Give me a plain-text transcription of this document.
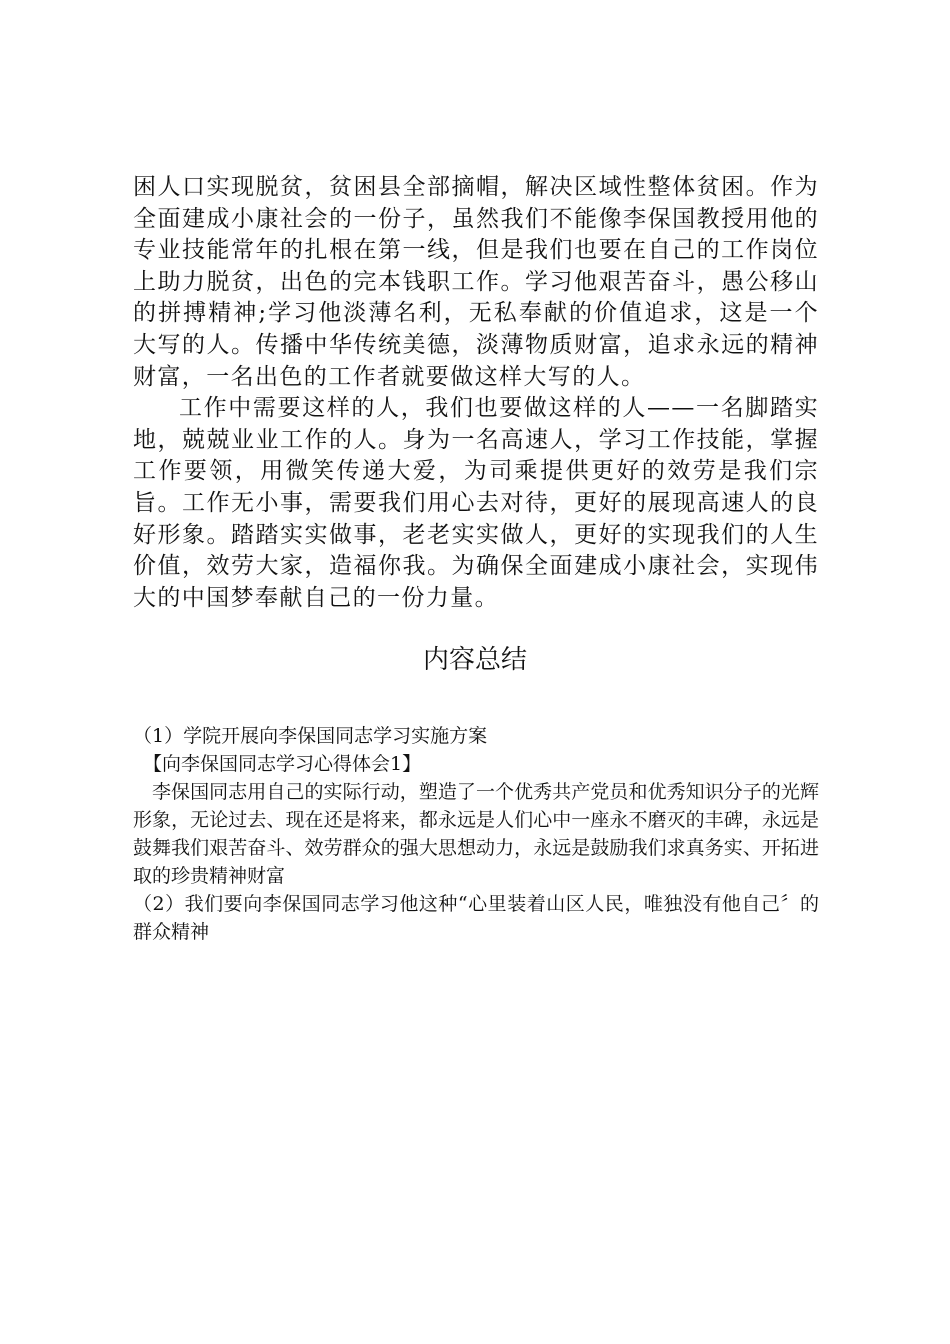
困人口实现脱贫，贫困县全部摘帽，解决区域性整体贫困。作为全面建成小康社会的一份子，虽然我们不能像李保国教授用他的专业技能常年的扎根在第一线，但是我们也要在自己的工作岗位上助力脱贫，出色的完本钱职工作。学习他艰苦奋斗，愚公移山的拼搏精神;学习他淡薄名利，无私奉献的价值追求，这是一个大写的人。传播中华传统美德，淡薄物质财富，追求永远的精神财富，一名出色的工作者就要做这样大写的人。

工作中需要这样的人，我们也要做这样的人——一名脚踏实地，兢兢业业工作的人。身为一名高速人，学习工作技能，掌握工作要领，用微笑传递大爱，为司乘提供更好的效劳是我们宗旨。工作无小事，需要我们用心去对待，更好的展现高速人的良好形象。踏踏实实做事，老老实实做人，更好的实现我们的人生价值，效劳大家，造福你我。为确保全面建成小康社会，实现伟大的中国梦奉献自己的一份力量。

内容总结

（1）学院开展向李保国同志学习实施方案

【向李保国同志学习心得体会1】

李保国同志用自己的实际行动，塑造了一个优秀共产党员和优秀知识分子的光辉形象，无论过去、现在还是将来，都永远是人们心中一座永不磨灭的丰碑，永远是鼓舞我们艰苦奋斗、效劳群众的强大思想动力，永远是鼓励我们求真务实、开拓进取的珍贵精神财富

（2）我们要向李保国同志学习他这种“心里装着山区人民，唯独没有他自己〞的群众精神
